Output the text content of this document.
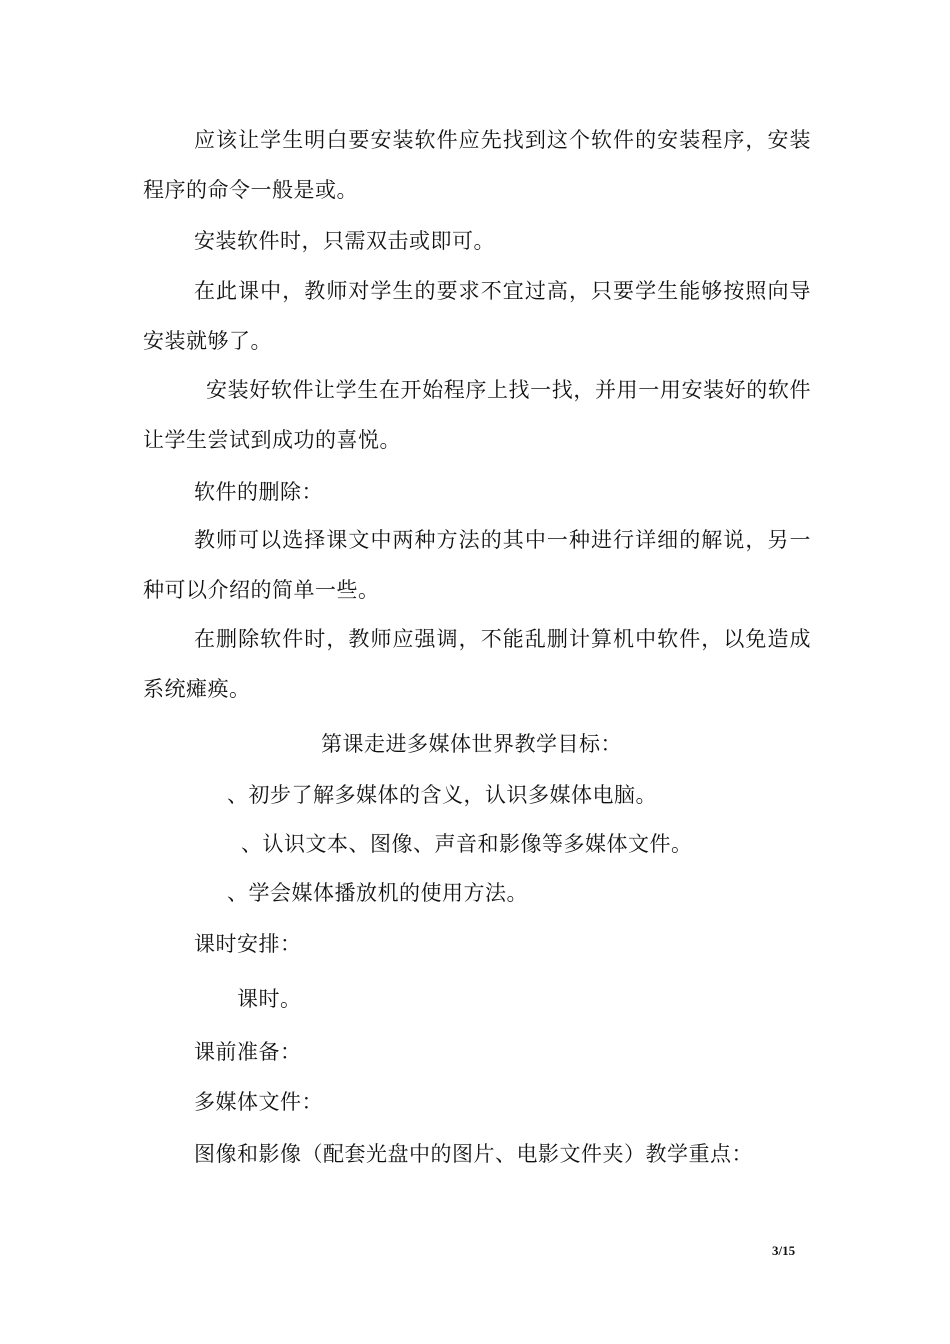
应该让学生明白要安装软件应先找到这个软件的安装程序，安装程序的命令一般是或。
安装软件时，只需双击或即可。
在此课中，教师对学生的要求不宜过高，只要学生能够按照向导安装就够了。
安装好软件让学生在开始程序上找一找，并用一用安装好的软件让学生尝试到成功的喜悦。
软件的删除：
教师可以选择课文中两种方法的其中一种进行详细的解说，另一种可以介绍的简单一些。
在删除软件时，教师应强调，不能乱删计算机中软件，以免造成系统瘫痪。
第课走进多媒体世界教学目标：
、初步了解多媒体的含义，认识多媒体电脑。
、认识文本、图像、声音和影像等多媒体文件。
、学会媒体播放机的使用方法。
课时安排：
课时。
课前准备：
多媒体文件：
图像和影像（配套光盘中的图片、电影文件夹）教学重点：
3/15
